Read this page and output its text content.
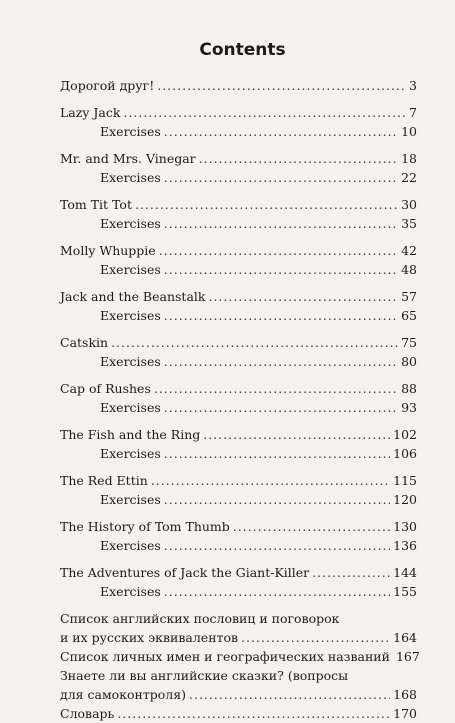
Contents
Дорогой друг! .....	3
Lazy Jack .....	7
Exercises .....	10
Mr. and Mrs. Vinegar .....	18
Exercises .....	22
Tom Tit Tot .....	30
Exercises .....	35
Molly Whuppie .....	42
Exercises .....	48
Jack and the Beanstalk .....	57
Exercises .....	65
Catskin .....	75
Exercises .....	80
Cap of Rushes .....	88
Exercises .....	93
The Fish and the Ring .....	102
Exercises .....	106
The Red Ettin .....	115
Exercises .....	120
The History of Tom Thumb .....	130
Exercises .....	136
The Adventures of Jack the Giant-Killer .....	144
Exercises .....	155
Список английских пословиц и поговорок
и их русских эквивалентов .....	164
Список личных имен и географических названий 167
Знаете ли вы английские сказки? (вопросы
для самоконтроля) .....	168
Словарь .....	170
